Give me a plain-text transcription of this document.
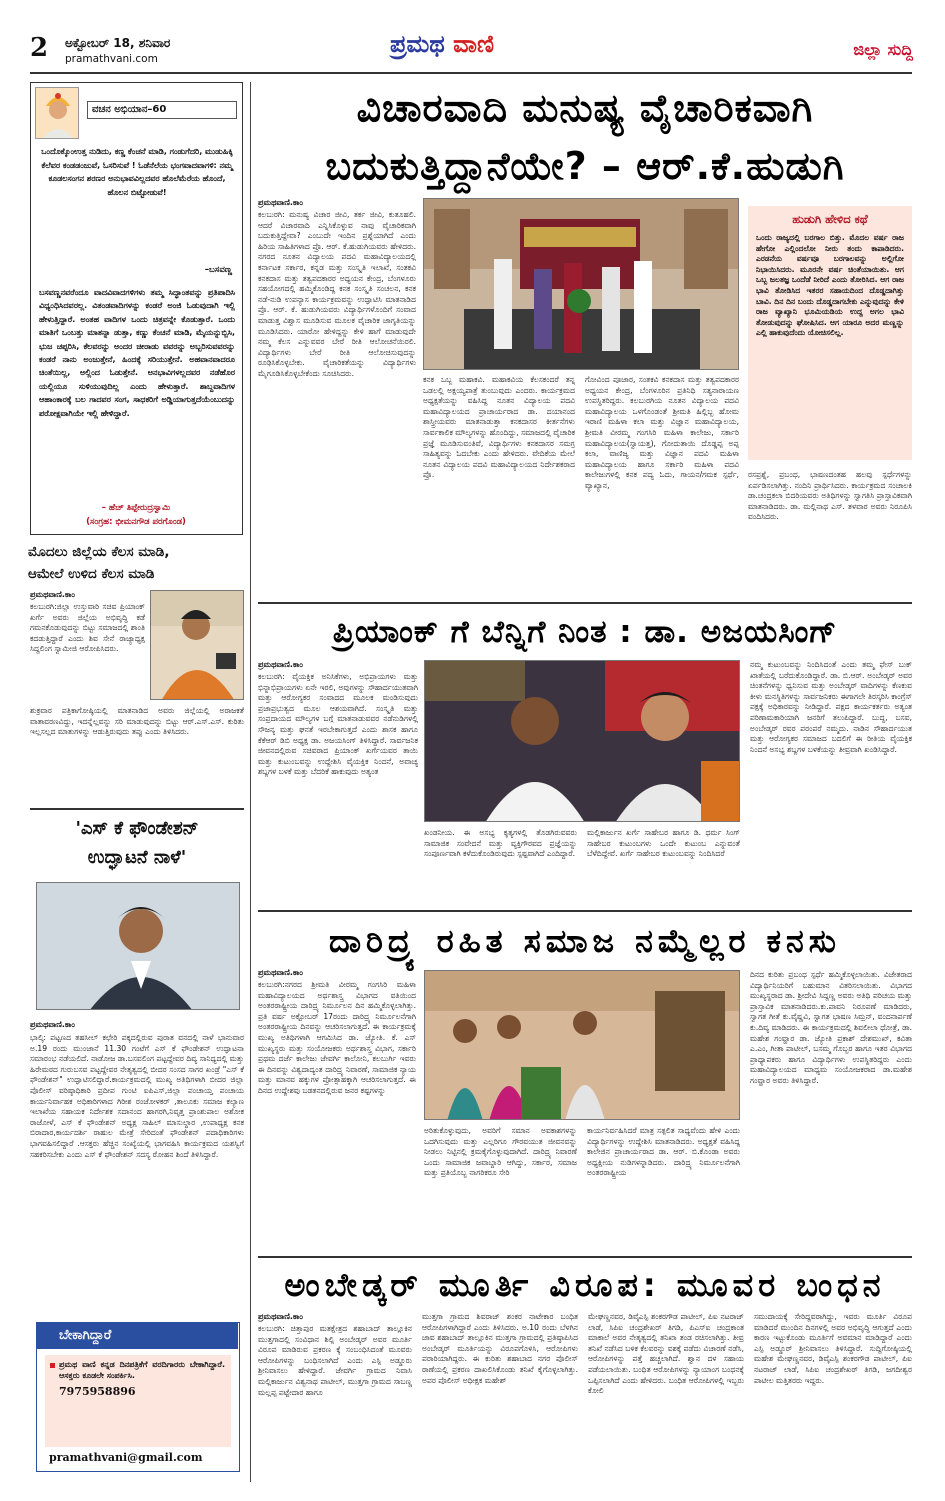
2 ಅಕ್ಟೋಬರ್ 18, ಶನಿವಾರ
pramathvani.com
ಪ್ರಮಥ ವಾಣಿ	ಜಿಲ್ಲಾ ಸುದ್ದಿ
ವಚನ ಅಭಿಯಾನ–60
ಒಂದೊಕ್ಕೊಂಉತ್ತ ನುಡಿದು, ಕಣ್ಣ ಕೆಂಚನೆ ಮಾಡಿ, ಗಂಡುಗೆದರಿ, ಮುಡುಹಿಕ್ಕಿ ಕೆಲೆವರ ಕಂಡಡಂಜುವೆ, ಓಸರಿಸುವೆ ! ಓಡೆನೆಲೆಯ ಭಂಗವಾದವಾಗಳಿ: ನಮ್ಮ ಕೂಡಲಸಂಗನ ಶರಣರ ಅನುಭಾವವಿಲ್ಲದವರ ಹೊಲೆಮೆರೆಯ ಹೊಂದೆ, ಹೊಲನ ಬಿಟ್ಟೋಡುವೆ!
–ಬಸವಣ್ಣ
ಬಸವಣ್ಣನವರೆಂದೂ ವಾದವಿವಾದಗಳಿಗಳು ತಮ್ಮ ಸಿದ್ಧಾಂತವನ್ನು ಪ್ರತಿಪಾದಿಸಿ ವಿಧ್ಯಂಧಿಸಿದವರಲ್ಲ. ವಿತಂಡವಾದಿಗಳನ್ನು ಕಂಡರೆ ಅಂಜಿ ಓಡುವುದಾಗಿ ಇಲ್ಲಿ ಹೇಳುತ್ತಿದ್ದಾರೆ. ಅಂತಹ ವಾದಿಗಳ ಒಂದು ಚಿತ್ರವನ್ನೇ ಕೊಡುತ್ತಾರೆ. ಒಂದು ಮಾತಿಗೆ ಒಂಬತ್ತು ಮಾತನ್ನಾ ಡುತ್ತಾ, ಕಣ್ಣು ಕೆಂಚನೆ ಮಾಡಿ, ಮೈಯನ್ನುಬ್ಬಿಸಿ, ಭುಜ ಚಪ್ಪರಿಸಿ, ಕೆಲವರನ್ನು ಅಂದರ ಚೀರಾಡು ವವರನ್ನು ಅಬ್ಬರಿಸುವವರನ್ನು ಕಂಡರೆ ನಾನು ಅಂಜುತ್ತೇನೆ, ಹಿಂದಕ್ಕೆ ಸರಿಯುತ್ತೇನೆ. ಅಹವಾನವಾದರೂ ಚಿಂತೆಯಿಲ್ಲ, ಅಲ್ಲಿಂದ ಓಡುತ್ತೇನೆ. ಅನಭಾವಿಗಳಲ್ಲದವರ ನಡೆಹೊರ ಯಲ್ಲಿಯೂ ಸುಳಿಯುವುದಿಲ್ಲ ಎಂದು ಹೇಳುತ್ತಾರೆ. ಶಾಬ್ದವಾದಿಗಳ ಆಹಾಂಕಾರಕ್ಕೆ ಬಲ ಗಾದವರ ಸಂಗ, ಸಾಧಕರಿಗೆ ಅಡ್ಡಿಯಾಗುತ್ತದೆಯೆಂಬುದನ್ನು ಪರೋಕ್ಷವಾಗಿಯೇ ಇಲ್ಲಿ ಹೇಳಿದ್ದಾರೆ.
– ಹೆಚ್ ತಿಪ್ಪೇರುದ್ರಸ್ವಾಮಿ
(ಸಂಗ್ರಹ: ಭೀಮನಗೌಡ ಪರಗೊಂಡ)
ಮೊದಲು ಜಿಲ್ಲೆಯ ಕೆಲಸ ಮಾಡಿ,
ಆಮೇಲೆ ಉಳಿದ ಕೆಲಸ ಮಾಡಿ
ಪ್ರಮಥವಾಣಿ.ಕಾಂ
ಕಲಬುರಗಿ:ಜಿಲ್ಲಾ ಉಸ್ತುವಾರಿ ಸಚಿವ ಪ್ರಿಯಾಂಕ್ ಖರ್ಗೆ ಅವರು ಜಿಲ್ಲೆಯ ಅಭಿವೃದ್ಧಿ ಕಡೆ ಗಮನಕೊಡುವುದನ್ನು ಬಿಟ್ಟು ಸಮಾಜದಲ್ಲಿ ಶಾಂತಿ ಕದಡುತ್ತಿದ್ದಾರೆ ಎಂದು ಶಿವ ಸೇನೆ ರಾಜ್ಯಾಧ್ಯಕ್ಷ ಸಿದ್ದಲಿಂಗ ಸ್ವಾಮೀಜಿ ಆರೋಪಿಸಿದರು.
ಶುಕ್ರವಾರ ಪತ್ರಿಕಾಗೋಷ್ಠಿಯಲ್ಲಿ ಮಾತನಾಡಿದ ಅವರು ಜಿಲ್ಲೆಯಲ್ಲಿ ಅರಾಜಕತೆ ವಾತಾವರಣವಿದ್ದು, ಇದನ್ನೆಲ್ಲವನ್ನು ಸರಿ ಮಾಡುವುದನ್ನು ಬಿಟ್ಟು ಆರ್.ಎಸ್.ಎಸ್. ಕುರಿತು ಇಲ್ಲಸಲ್ಲದ ಮಾತುಗಳನ್ನು ಆಡುತ್ತಿರುವುದು ತಪ್ಪು ಎಂದು ತಿಳಿಸಿದರು.
'ಎಸ್ ಕೆ ಫೌಂಡೇಶನ್
ಉದ್ಘಾಟನೆ ನಾಳೆ'
ಪ್ರಮಥವಾಣಿ.ಕಾಂ
ಭಾಲ್ಕಿ: ಪಟ್ಟಣದ ತಹಸೀಲ್ ಕಛೇರಿ ಪಕ್ಕದಲ್ಲಿರುವ ಪುರಾತ ವನದಲ್ಲಿ ನಾಳೆ ಭಾನುವಾರ ಅ.19 ರಂದು ಮುಂಜಾನೆ 11.30 ಗಂಟೆಗೆ ಎಸ್ ಕೆ ಫೌಂಡೇಶನ್ ಉದ್ಘಾಟನಾ ಸಮಾರಂಭ ನಡೆಯಲಿದೆ. ನಾಡೋಜ ಡಾ.ಬಸವಲಿಂಗ ಪಟ್ಟದ್ದೇವರ ದಿವ್ಯ ಸಾನಿಧ್ಯದಲ್ಲಿ ಮತ್ತು ಹಿರೇಮಠದ ಗುರುಬಸವ ಪಟ್ಟದ್ದೇವರ ನೇತೃತ್ವದಲ್ಲಿ ಬೀದರ ಸಂಸದ ಸಾಗರ ಖಂಡ್ರೆ "ಎಸ್ ಕೆ ಫೌಂಡೇಶನ್" ಉದ್ಘಾಟಿಸಲಿದ್ದಾರೆ.ಕಾರ್ಯಕ್ರಮದಲ್ಲಿ ಮುಖ್ಯ ಅತಿಥಿಗಳಾಗಿ ಬೀದರ ಜಿಲ್ಲಾ ಪೊಲೀಸ್ ವರಿಷ್ಠಾಧಿಕಾರಿ ಪ್ರದೀಪ ಗುಂಟಿ ಐಪಿಎಸ್,ಜಿಲ್ಲಾ ಪಂಚಾಯ್ತ ಪಂಚಾಯ ಕಾರ್ಯನಿರ್ವಾಹಕ ಅಧಿಕಾರಿಗಳಾದ ಗಿರೀಶ ರಂಜೋಳಕರ್ ,ತಾಲೂಕು ಸಮಾಜ ಕಲ್ಯಾಣ ಇಲಾಖೆಯ ಸಹಾಯಕ ನಿರ್ದೇಶಕ ಸದಾನಂದ ಹಾಗರಗಿ,ನಿವೃತ್ತ ಪ್ರಾಂಶುಪಾಲ ಅಶೋಕ ರಾಜೋಳೆ, ಎಸ್ ಕೆ ಫೌಂಡೇಶನ್ ಅಧ್ಯಕ್ಷ ಸಾಹಿಲ್ ಮಾಸುಲ್ದಾರ ,ಉಪಾಧ್ಯಕ್ಷ ಕನಕ ಬಿರಾದಾರ,ಕಾರ್ಯದರ್ಶಿ ರಾಹುಲ ಮೇತ್ರೆ ಸೇರಿದಂತೆ ಫೌಂಡೇಶನ್ ಪದಾಧಿಕಾರಿಗಳು ಭಾಗವಹಿಸಲಿದ್ದಾರೆ .ಆಸಕ್ತರು ಹೆಚ್ಚಿನ ಸಂಖ್ಯೆಯಲ್ಲಿ ಭಾಗವಹಿಸಿ ಕಾರ್ಯಕ್ರಮದ ಯಶಸ್ವಿಗೆ ಸಹಕರಿಸಬೇಕು ಎಂದು ಎಸ್ ಕೆ ಫೌಂಡೇಶನ್ ಸದಸ್ಯ ರೋಹನ ಶಿಂದೆ ತಿಳಿಸಿದ್ದಾರೆ.
ಬೇಕಾಗಿದ್ದಾರೆ
ಪ್ರಮಥ ವಾಣಿ ಕನ್ನಡ ದಿನಪತ್ರಿಕೆಗೆ ವರದಿಗಾರರು ಬೇಕಾಗಿದ್ದಾರೆ. ಆಸಕ್ತರು ಕೂಡಲೇ ಸಂಪರ್ಕಿಸಿ.
7975958896
pramathvani@gmail.com
ವಿಚಾರವಾದಿ ಮನುಷ್ಯ ವೈಚಾರಿಕವಾಗಿ
ಬದುಕುತ್ತಿದ್ದಾನೆಯೇ? – ಆರ್.ಕೆ.ಹುಡುಗಿ
ಪ್ರಮಥವಾಣಿ.ಕಾಂ
ಕಲಬುರಗಿ: ಮನುಷ್ಯ ವಿಚಾರ ಜೀವಿ, ತರ್ಕ ಜೀವಿ, ಕುತೂಹಲಿ. ಆದರೆ ವಿಚಾರವಾದಿ ಎನ್ನಿಸಿಕೊಳ್ಳುವ ನಾವು ವೈಚಾರಿಕವಾಗಿ ಬದುಕುತ್ತಿದ್ದೇವಾ? ಎಂಬುದೇ ಇಂದಿನ ಪ್ರಶ್ನೆಯಾಗಿದೆ ಎಂದು ಹಿರಿಯ ಸಾಹಿತಿಗಳಾದ ಪ್ರೊ. ಆರ್. ಕೆ.ಹುಡುಗಿಯವರು ಹೇಳಿದರು. ನಗರದ ನೂತನ ವಿದ್ಯಾಲಯ ಪದವಿ ಮಹಾವಿದ್ಯಾಲಯದಲ್ಲಿ ಕರ್ನಾಟಕ ಸರ್ಕಾರ, ಕನ್ನಡ ಮತ್ತು ಸಂಸ್ಕೃತಿ ಇಲಾಖೆ, ಸಂತಕವಿ ಕನಕದಾಸ ಮತ್ತು ತತ್ವಪದಕಾರರ ಅಧ್ಯಯನ ಕೇಂದ್ರ, ಬೆಂಗಳೂರು ಸಹಯೋಗದಲ್ಲಿ ಹಮ್ಮಿಕೊಂಡಿದ್ದ ಕನಕ ಸಂಸ್ಕೃತಿ ಸಂಚಲನ, ಕನಕ ನಡೆ-ನುಡಿ ಉಪನ್ಯಾಸ ಕಾರ್ಯಕ್ರಮವನ್ನು ಉದ್ಘಾಟಿಸಿ ಮಾತನಾಡಿದ ಪ್ರೊ. ಆರ್. ಕೆ. ಹುಡುಗಿಯವರು ವಿದ್ಯಾರ್ಥಿಗಳೊಂದಿಗೆ ಸಂವಾದ ಮಾಡುತ್ತ ವಿಶ್ವಾಸ ಮೂಡಿಸುವ ಮೂಲಕ ವೈಚಾರಿಕ ಜಾಗೃತಿಯನ್ನು ಮೂಡಿಸಿದರು. ಯಾರೋ ಹೇಳಿದ್ದನ್ನು ಕೇಳಿ ಹಾಗೆ ಮಾಡುವುದೇ ನಮ್ಮ ಕೆಲಸ ಎನ್ನುವವರ ಬೇರೆ ರೀತಿ ಆಲೋಚನೆಯಿರಲಿ. ವಿದ್ಯಾರ್ಥಿಗಳು ಬೇರೆ ರೀತಿ ಆಲೋಚಿಸುವುದನ್ನು ರೂಢಿಸಿಕೊಳ್ಳಬೇಕು. ವೈಚಾರಿಕತೆಯನ್ನು ವಿದ್ಯಾರ್ಥಿಗಳು ಮೈಗೂಡಿಸಿಕೊಳ್ಳಬೇಕೆಂದು ಸೂಚಿಸಿದರು.
ಕನಕ ಒಬ್ಬ ಮಹಾಕವಿ. ಮಹಾಕವಿಯ ಕೆಲಸಕಂದರೆ ತನ್ನ ಒಡಲಲ್ಲಿ ಅಕ್ಷಯ್ಯಪಾತ್ರೆ ತುಂಬುವುದು ಎಂದರು. ಕಾರ್ಯಕ್ರಮದ ಅಧ್ಯಕ್ಷತೆಯನ್ನು ವಹಿಸಿದ್ದ ನೂತನ ವಿದ್ಯಾಲಯ ಪದವಿ ಮಹಾವಿದ್ಯಾಲಯದ ಪ್ರಾಚಾರ್ಯರಾದ ಡಾ. ದಯಾನಂದ ಶಾಸ್ತ್ರೀಯವರು ಮಾತನಾಡುತ್ತಾ ಕನಕದಾಸರ ಕೀರ್ತನೆಗಳು ಸಾರ್ವಕಾಲಿಕ ಮೌಲ್ಯಗಳನ್ನು ಹೊಂದಿದ್ದು, ಸಮಾಜದಲ್ಲಿ ವೈಚಾರಿಕ ಪ್ರಜ್ಞೆ ಮೂಡಿಸುವಂತಿವೆ, ವಿದ್ಯಾರ್ಥಿಗಳು ಕನಕದಾಸರ ಸಮಗ್ರ ಸಾಹಿತ್ಯವನ್ನು ಓದಬೇಕು ಎಂದು ಹೇಳಿದರು. ವೇದಿಕೆಯ ಮೇಲೆ ನೂತನ ವಿದ್ಯಾಲಯ ಪದವಿ ಮಹಾವಿದ್ಯಾಲಯದ ನಿರ್ದೇಶಕರಾದ ಪ್ರೊ.
ಗೋವಿಂದ ಪೂಜಾರ, ಸಂತಕವಿ ಕನಕದಾಸ ಮತ್ತು ತತ್ವಪದಕಾರರ ಅಧ್ಯಯನ ಕೇಂದ್ರ, ಬೆಂಗಳೂರಿನ ಪ್ರತಿನಿಧಿ ಸತ್ಯನಾರಾಯಣ ಉಪಸ್ಥಿತರಿದ್ದರು. ಕಲಬುರಗಿಯ ನೂತನ ವಿದ್ಯಾಲಯ ಪದವಿ ಮಹಾವಿದ್ಯಾಲಯ ಒಳಗೊಂಡಂತೆ ಶ್ರೀಮತಿ ಹಿಲ್ಲಿಬ್ಬ ಹೋಮ ಇರಾಣಿ ಮಹಿಳಾ ಕಲಾ ಮತ್ತು ವಿಜ್ಞಾನ ಮಹಾವಿದ್ಯಾಲಯ, ಶ್ರೀಮತಿ ವೀರಮ್ಮ ಗಂಗಸಿರಿ ಮಹಿಳಾ ಕಾಲೇಜು, ಸರ್ಕಾರಿ ಮಹಾವಿದ್ಯಾಲಯ(ಸ್ವಾಯತ್ತ), ಗೋದುತಾಯಿ ದೊಡ್ಡಪ್ಪ ಅಪ್ಪ ಕಲಾ, ವಾಣಿಜ್ಯ ಮತ್ತು ವಿಜ್ಞಾನ ಪದವಿ ಮಹಿಳಾ ಮಹಾವಿದ್ಯಾಲಯ ಹಾಗೂ ಸರ್ಕಾರಿ ಮಹಿಳಾ ಪದವಿ ಕಾಲೇಜುಗಳಲ್ಲಿ ಕನಕ ಪದ್ಯ ಓದು, ಗಾಯನ/ಗಮಕ ಸ್ಪರ್ಧೆ, ವ್ಯಾಖ್ಯಾನ,
ಹುಡುಗಿ ಹೇಳಿದ ಕಥೆ
ಒಂದು ರಾಜ್ಯದಲ್ಲಿ ಬರಗಾಲ ಬಿತ್ತು. ಮೊದಲ ವರ್ಷ ರಾಜ ಹೇಗೋ ಎಲ್ಲಿಂದಲೋ ನೀರು ತಂದು ಕಾಪಾಡಿದರು. ಎರಡನೆಯ ವರ್ಷವೂ ಬರಗಾಲವನ್ನು ಅಲ್ಲಿಗೋ ನಿಭಾಯಿಸಿದರು. ಮೂರನೇ ವರ್ಷ ಚಿಂತೆಯಾಯಿತು. ಆಗ ಒಬ್ಬ ಜಲತಜ್ಞ ಒಂದೆಡೆ ನೀರಿದೆ ಎಂದು ತೋರಿಸಿದ. ಆಗ ರಾಜ ಭಾವಿ ತೋಡಿಸಿದ ಇತರರ ಸಹಾಯದಿಂದ ದೊಡ್ಡದಾಗಿತ್ತು ಬಾವಿ. ದಿನ ದಿನ ಬಂದು ದೊಡ್ಡದಾಗಬೇಕು ಎನ್ನುವುದನ್ನು ಕೇಳಿ ರಾಜ ವ್ಯಾಖ್ಯಾನಿ ಭೂಮಿಯಡಿಯ ಉದ್ದ ಅಗಲ ಭಾವಿ ತೋಡುವುದನ್ನು ಘೋಷಿಸಿದ. ಆಗ ಯಾರೂ ಅದರ ಮಣ್ಣನ್ನು ಎಲ್ಲಿ ಹಾಕುವುದೆಂದು ಯೋಚಿಸಲಿಲ್ಲ.
ರಸಪ್ರಶ್ನೆ, ಪ್ರಬಂಧ, ಭಾಷಣದಂತಹ ಹಲವು ಸ್ಪರ್ಧೆಗಳನ್ನು ಏರ್ಪಡಿಸಲಾಗಿತ್ತು. ನಂದಿನಿ ಪ್ರಾರ್ಥಿಸಿದರು. ಕಾರ್ಯಕ್ರಮದ ಸಂಚಾಲಕಿ ಡಾ.ಚಂದ್ರಕಲಾ ಬಿದರಿಯವರು ಅತಿಥಿಗಳನ್ನು ಸ್ವಾಗತಿಸಿ ಪ್ರಾಸ್ತಾವಿಕವಾಗಿ ಮಾತನಾಡಿದರು. ಡಾ. ಮಲ್ಲಿನಾಥ ಎಸ್. ತಳವಾರ ಅವರು ನಿರೂಪಿಸಿ ವಂದಿಸಿದರು.
ಪ್ರಿಯಾಂಕ್ ಗೆ ಬೆನ್ನಿಗೆ ನಿಂತ : ಡಾ. ಅಜಯಸಿಂಗ್
ಪ್ರಮಥವಾಣಿ.ಕಾಂ
ಕಲಬುರಗಿ: ವೈಯಕ್ತಿಕ ಅನಿಸಿಕೆಗಳು, ಅಭಿಪ್ರಾಯಗಳು ಮತ್ತು ಭಿನ್ನಾಭಿಪ್ರಾಯಗಳು ಏನೇ ಇರಲಿ, ಅವುಗಳನ್ನು ಸೌಹಾರ್ದಯುತವಾಗಿ ಮತ್ತು ಆರೋಗ್ಯಕರ ಸಂವಾದದ ಮೂಲಕ ಮಂಡಿಸುವುದು ಪ್ರಜಾಪ್ರಭುತ್ವದ ಮೂಲ ಆಶಯವಾಗಿದೆ. ಸಂಸ್ಕೃತಿ ಮತ್ತು ಸಂಪ್ರದಾಯದ ಮೌಲ್ಯಗಳ ಬಗ್ಗೆ ಮಾತನಾಡುವವರ ನಡೆನುಡಿಗಳಲ್ಲಿ ಸೌಜನ್ಯ ಮತ್ತು ಘನತೆ ಇರಬೇಕಾಗುತ್ತದೆ ಎಂದು ಶಾಸಕ ಹಾಗೂ ಕೆಕೆಆರ್ ಡಿಬಿ ಅಧ್ಯಕ್ಷ ಡಾ. ಅಜಯಸಿಂಗ್ ತಿಳಿಸಿದ್ದಾರೆ. ಸಾರ್ವಜನಿಕ ಜೀವನದಲ್ಲಿರುವ ಸಚಿವರಾದ ಪ್ರಿಯಾಂಕ್ ಖರ್ಗೆಯವರ ತಾಯಿ ಮತ್ತು ಕುಟುಂಬವನ್ನು ಉದ್ದೇಶಿಸಿ ವೈಯಕ್ತಿಕ ನಿಂದನೆ, ಅವಾಚ್ಯ ಶಬ್ದಗಳ ಬಳಕೆ ಮತ್ತು ಬೆದರಿಕೆ ಹಾಕುವುದು ಅತ್ಯಂತ
ಖಂಡನೀಯ. ಈ ಅಸಭ್ಯ ಕೃತ್ಯಗಳಲ್ಲಿ ತೊಡಗಿರುವವರು ಸಾಮಾಜಿಕ ಸಂವೇದನೆ ಮತ್ತು ವ್ಯಕ್ತಿಗೌರವದ ಪ್ರಜ್ಞೆಯನ್ನು ಸಂಪೂರ್ಣವಾಗಿ ಕಳೆದುಕೊಂಡಿರುವುದು ಸ್ಪಷ್ಟವಾಗಿದೆ ಎಂದಿದ್ದಾರೆ.
ಮಲ್ಲಿಕಾರ್ಜುನ ಖರ್ಗೆ ಸಾಹೇಬರ ಹಾಗೂ ಡಿ. ಧರ್ಮ ಸಿಂಗ್ ಸಾಹೇಬರ ಕುಟುಂಬಗಳು ಒಂದೇ ಕುಟುಂಬ ಎನ್ನುವಂತೆ ಬೆಳೆದಿದ್ದೇವೆ. ಖರ್ಗೆ ಸಾಹೇಬರ ಕುಟುಂಬವನ್ನು ನಿಂದಿಸಿದರೆ
ನಮ್ಮ ಕುಟುಂಬವನ್ನು ನಿಂದಿಸಿದಂತೆ ಎಂದು ತಮ್ಮ ಫೇಸ್ ಬುಕ್ ಖಾತೆಯಲ್ಲಿ ಬರೆದುಕೊಂಡಿದ್ದಾರೆ. ಡಾ. ಬಿ.ಆರ್. ಅಂಬೇಡ್ಕರ್ ಅವರ ಚಿಂತನೆಗಳನ್ನು ಧ್ವನಿಸುವ ಮತ್ತು ಅಂಬೇಡ್ಕರ್ ವಾದಿಗಳನ್ನು ಕೆಣಕುವ ಕೀಳು ಮನಸ್ಥಿತಿಗಳನ್ನು ಸಾರ್ವಜನಿಕರು ಈಗಾಗಲೇ ತಿರಸ್ಕರಿಸಿ ಕಾಂಗ್ರೆಸ್ ಪಕ್ಷಕ್ಕೆ ಅಧಿಕಾರವನ್ನು ನೀಡಿದ್ದಾರೆ. ಪಕ್ಷದ ಕಾರ್ಯಕರ್ತರು ಅತ್ಯಂತ ಪರಿಣಾಮಕಾರಿಯಾಗಿ ಜನರಿಗೆ ತಲುಪಿದ್ದಾರೆ. ಬುದ್ಧ, ಬಸವ, ಅಂಬೇಡ್ಕರ್ ರವರ ಪರಂಪರೆ ನಮ್ಮದು. ನಾಡಿನ ಸೌಹಾರ್ದಯುತ ಮತ್ತು ಆರೋಗ್ಯಕರ ಸಮಾಜದ ಬದಲಿಗೆ ಈ ರೀತಿಯ ವೈಯಕ್ತಿಕ ನಿಂದನೆ ಅಸಭ್ಯ ಶಬ್ದಗಳ ಬಳಕೆಯನ್ನು ತೀವ್ರವಾಗಿ ಖಂಡಿಸಿದ್ದಾರೆ.
ದಾರಿದ್ರ್ಯ ರಹಿತ ಸಮಾಜ ನಮ್ಮೆಲ್ಲರ ಕನಸು
ಪ್ರಮಥವಾಣಿ.ಕಾಂ
ಕಲಬುರಗಿ:ನಗರದ ಶ್ರೀಮತಿ ವೀರಮ್ಮ ಗಂಗಸಿರಿ ಮಹಿಳಾ ಮಹಾವಿದ್ಯಾಲಯದ ಅರ್ಥಶಾಸ್ತ್ರ ವಿಭಾಗದ ವತಿಯಿಂದ ಅಂತರರಾಷ್ಟ್ರೀಯ ದಾರಿದ್ರ್ಯ ನಿರ್ಮೂಲನ ದಿನ ಹಮ್ಮಿಕೊಳ್ಳಲಾಗಿತ್ತು. ಪ್ರತಿ ವರ್ಷ ಅಕ್ಟೋಬರ್ 17ರಂದು ದಾರಿದ್ರ್ಯ ನಿರ್ಮೂಲನೆಗಾಗಿ ಅಂತರರಾಷ್ಟ್ರೀಯ ದಿನವನ್ನು ಆಚರಿಸಲಾಗುತ್ತದೆ. ಈ ಕಾರ್ಯಕ್ರಮಕ್ಕೆ ಮುಖ್ಯ ಅತಿಥಿಗಳಾಗಿ ಆಗಮಿಸಿದ ಡಾ. ಜ್ಯೋತಿ. ಕೆ. ಎಸ್ ಮುಖ್ಯಸ್ಥರು ಮತ್ತು ಸಂಯೋಜಕರು ಅರ್ಥಶಾಸ್ತ್ರ ವಿಭಾಗ, ಸರ್ಕಾರಿ ಪ್ರಥಮ ದರ್ಜೆ ಕಾಲೇಜು ಜೇವರ್ಗಿ ಕಾಲೋನಿ, ಕಲಬುರ್ಗಿ ಇವರು ಈ ದಿನವನ್ನು ವಿಶ್ವದಾದ್ಯಂತ ದಾರಿದ್ರ್ಯ ನಿವಾರಣೆ, ಸಾಮಾಜಿಕ ನ್ಯಾಯ ಮತ್ತು ಮಾನವ ಹಕ್ಕುಗಳ ಪ್ರೋತ್ಸಾಹಕ್ಕಾಗಿ ಆಚರಿಸಲಾಗುತ್ತದೆ. ಈ ದಿನದ ಉದ್ದೇಶವು ಬಡತನದಲ್ಲಿರುವ ಜನರ ಕಷ್ಟಗಳನ್ನು
ಅರಿತುಕೊಳ್ಳುವುದು, ಅವರಿಗೆ ಸಮಾನ ಅವಕಾಶಗಳನ್ನು ಒದಗಿಸುವುದು ಮತ್ತು ಎಲ್ಲರಿಗೂ ಗೌರವಯುತ ಜೀವನವನ್ನು ನೀಡಲು ನಿಟ್ಟಿನಲ್ಲಿ ಕ್ರಮಕೈಗೊಳ್ಳುವುದಾಗಿದೆ. ದಾರಿದ್ರ್ಯ ನಿವಾರಣೆ ಒಂದು ಸಾಮಾಜಿಕ ಜವಾಬ್ದಾರಿ ಆಗಿದ್ದು, ಸರ್ಕಾರ, ಸಮಾಜ ಮತ್ತು ಪ್ರತಿಯೊಬ್ಬ ನಾಗರಿಕರೂ ಸೇರಿ
ಕಾರ್ಯನಿರ್ವಹಿಸಿದರೆ ಮಾತ್ರ ಸತ್ಪಲಿತ ಸಾಧ್ಯವೆಂದು ಹೇಳಿ ಎಂದು ವಿದ್ಯಾರ್ಥಿಗಳನ್ನು ಉದ್ದೇಶಿಸಿ ಮಾತನಾಡಿದರು. ಅಧ್ಯಕ್ಷತೆ ವಹಿಸಿದ್ದ ಕಾಲೇಜಿನ ಪ್ರಾಚಾರ್ಯರಾದ ಡಾ. ಆರ್. ಬಿ.ಕೊಂಡಾ ಅವರು ಅಧ್ಯಕ್ಷೀಯ ನುಡಿಗಳನ್ನಾಡಿದರು. ದಾರಿದ್ರ್ಯ ನಿರ್ಮೂಲನೆಗಾಗಿ ಅಂತರರಾಷ್ಟ್ರೀಯ
ದಿನದ ಕುರಿತು ಪ್ರಬಂಧ ಸ್ಪರ್ಧೆ ಹಮ್ಮಿಕೊಳ್ಳಲಾಯಿತು. ವಿಜೇತರಾದ ವಿದ್ಯಾರ್ಥಿನಿಯರಿಗೆ ಬಹುಮಾನ ವಿತರಿಸಲಾಯಿತು. ವಿಭಾಗದ ಮುಖ್ಯಸ್ಥರಾದ ಡಾ. ಶ್ರೀದೇವಿ ಸಿದ್ದಣ್ಣ ಅವರು ಅತಿಥಿ ಪರಿಚಯ ಮತ್ತು ಪ್ರಾಸ್ತಾವಿಕ ಮಾತನಾಡಿದರು.ಕು.ಪಾವನಿ ನಿರೂಪಣೆ ಮಾಡಿದರು, ಸ್ವಾಗತ ಗೀತೆ ಕು.ವೈಷ್ಣವಿ, ಸ್ವಾಗತ ಭಾಷಣ ಸಿಮ್ರನ್, ವಂದನಾರ್ಪಣೆ ಕು.ದಿವ್ಯ ಮಾಡಿದರು. ಈ ಕಾರ್ಯಕ್ರಮದಲ್ಲಿ ಶಿವಲೀಲಾ ಧೋತ್ರೆ, ಡಾ. ಮಹೇಶ ಗಂವ್ಹಾರ ಡಾ. ಜ್ಯೋತಿ ಪ್ರಕಾಶ್ ದೇಶಮುಖ್, ಕವಿತಾ ಎ.ಎಂ, ಗೀತಾ ಪಾಟೀಲ್, ಬಸಮ್ಮ ಗೊಬ್ಬರ ಹಾಗೂ ಇತರ ವಿಭಾಗದ ಪ್ರಾಧ್ಯಾಪಕರು ಹಾಗೂ ವಿದ್ಯಾರ್ಥಿಗಳು ಉಪಸ್ಥಿತರಿದ್ದರು ಎಂದು ಮಹಾವಿದ್ಯಾಲಯದ ಮಾಧ್ಯಮ ಸಂಯೋಜಕರಾದ ಡಾ.ಮಹೇಶ ಗಂವ್ಹಾರ ಅವರು ತಿಳಿಸಿದ್ದಾರೆ.
ಅಂಬೇಡ್ಕರ್ ಮೂರ್ತಿ ವಿರೂಪ: ಮೂವರ ಬಂಧನ
ಪ್ರಮಥವಾಣಿ.ಕಾಂ
ಕಲಬುರಗಿ: ಚಿತ್ತಾಪುರ ಮತಕ್ಷೇತ್ರದ ಶಹಾಬಾದ್ ತಾಲ್ಲೂಕಿನ ಮುತ್ತಗಾದಲ್ಲಿ ಸಂವಿಧಾನ ಶಿಲ್ಪಿ ಅಂಬೇಡ್ಕರ್ ಅವರ ಮೂರ್ತಿ ವಿರೂಪ ಮಾಡಿರುವ ಪ್ರಕರಣ ಕ್ಕೆ ಸಂಬಂಧಿಸಿದಂತೆ ಮೂವರು ಆರೋಪಿಗಳನ್ನು ಬಂಧಿಸಲಾಗಿದೆ ಎಂದು ಎಸ್ಪಿ ಅಡ್ಡೂರು ಶ್ರೀನಿವಾಸಲು ಹೇಳಿದ್ದಾರೆ. ಜೇವರ್ಗಿ ಗ್ರಾಮದ ನಿವಾಸಿ ಮಲ್ಲಿಕಾರ್ಜುನ ವಿಶ್ವನಾಥ ಪಾಟೀಲ್, ಮುತ್ತಗಾ ಗ್ರಾಮದ ಸಾಬಣ್ಣ ಮಲ್ಲಪ್ಪ ಪಟ್ಟೇದಾರ ಹಾಗೂ
ಮುತ್ತಗಾ ಗ್ರಾಮದ ಶಿವರಾಜ್ ಶಂಕರ ನಾಟೇಕಾರ ಬಂಧಿತ ಆರೋಪಿಗಳಾಗಿದ್ದಾರೆ ಎಂದು ತಿಳಿಸಿದರು. ಅ.10 ರಂದು ಬೆಳಗಿನ ಜಾವ ಶಹಾಬಾದ್ ತಾಲ್ಲೂಕಿನ ಮುತ್ತಗಾ ಗ್ರಾಮದಲ್ಲಿ ಪ್ರತಿಷ್ಠಾಪಿಸಿದ ಅಂಬೇಡ್ಕರ್ ಮೂರ್ತಿಯನ್ನು ವಿರೂಪಗೊಳಿಸಿ, ಆರೋಪಿಗಳು ಪರಾರಿಯಾಗಿದ್ದರು. ಈ ಕುರಿತು ಶಹಾಬಾದ ನಗರ ಪೊಲೀಸ್ ಠಾಣೆಯಲ್ಲಿ ಪ್ರಕರಣ ದಾಖಲಿಸಿಕೊಂಡು ತನಿಖೆ ಕೈಗೊಳ್ಳಲಾಗಿತ್ತು. ಅಪರ ಪೊಲೀಸ್ ಅಧೀಕ್ಷಕ ಮಹೇಶ್
ಮೇಘಣ್ಣನವರ, ಡಿವೈಎಸ್ಪಿ ಶಂಕರಗೌಡ ಪಾಟೀಲ್, ಪಿಐ ನಟರಾಜ್ ಲಾಡೆ, ಸಿಪಿಐ ಚಂದ್ರಶೇಖರ್ ತಿಗಡಿ, ಪಿಎಸ್ಐ ಚಂದ್ರಕಾಂತ ಮಾಕಾಲೆ ಅವರ ನೇತೃತ್ವದಲ್ಲಿ ತನಿಖಾ ತಂಡ ರಚಿಸಲಾಗಿತ್ತು. ತೀವ್ರ ತನಿಖೆ ನಡೆಸಿದ ಬಳಿಕ ಕೆಲವರನ್ನು ವಶಕ್ಕೆ ಪಡೆದು ವಿಚಾರಣೆ ನಡೆಸಿ, ಆರೋಪಿಗಳನ್ನು ಪತ್ತೆ ಹಚ್ಚಲಾಗಿದೆ. ಶ್ವಾನ ದಳ ಸಹಾಯ ಪಡೆಯಲಾಯಿತು. ಬಂಧಿತ ಆರೋಪಿಗಳನ್ನು ನ್ಯಾಯಾಂಗ ಬಂಧನಕ್ಕೆ ಒಪ್ಪಿಸಲಾಗಿದೆ ಎಂದು ಹೇಳಿದರು. ಬಂಧಿತ ಆರೋಪಿಗಳಲ್ಲಿ ಇಬ್ಬರು ಕೋಲಿ
ಸಮುದಾಯಕ್ಕೆ ಸೇರಿದ್ದವರಾಗಿದ್ದು, ಇವರು ಮೂರ್ತಿ ವಿರೂಪ ಮಾಡಿದರೆ ಮುಂದಿನ ದಿನಗಳಲ್ಲಿ ಅವರ ಅಭಿವೃದ್ಧಿ ಆಗುತ್ತದೆ ಎಂದು ಕಾರಣ ಇಟ್ಟುಕೊಂಡು ಮೂರ್ತಿಗೆ ಅವಮಾನ ಮಾಡಿದ್ದಾರೆ ಎಂದು ಎಸ್ಪಿ ಅಡ್ಡೂರ್ ಶ್ರೀನಿವಾಸಲು ತಿಳಿಸಿದ್ದಾರೆ. ಸುದ್ದಿಗೋಷ್ಠಿಯಲ್ಲಿ ಮಹೇಶ ಮೇಘಣ್ಣನವರ, ಡಿವೈಎಸ್ಪಿ ಶಂಕರಗೌಡ ಪಾಟೀಲ್, ಪಿಐ ನಟರಾಜ್ ಲಾಡೆ, ಸಿಪಿಐ ಚಂದ್ರಶೇಖರ್ ತಿಗಡಿ, ಜಗದೀಶ್ವರ ಪಾಟೀಲ ಮತ್ತಿತರರು ಇದ್ದರು.
